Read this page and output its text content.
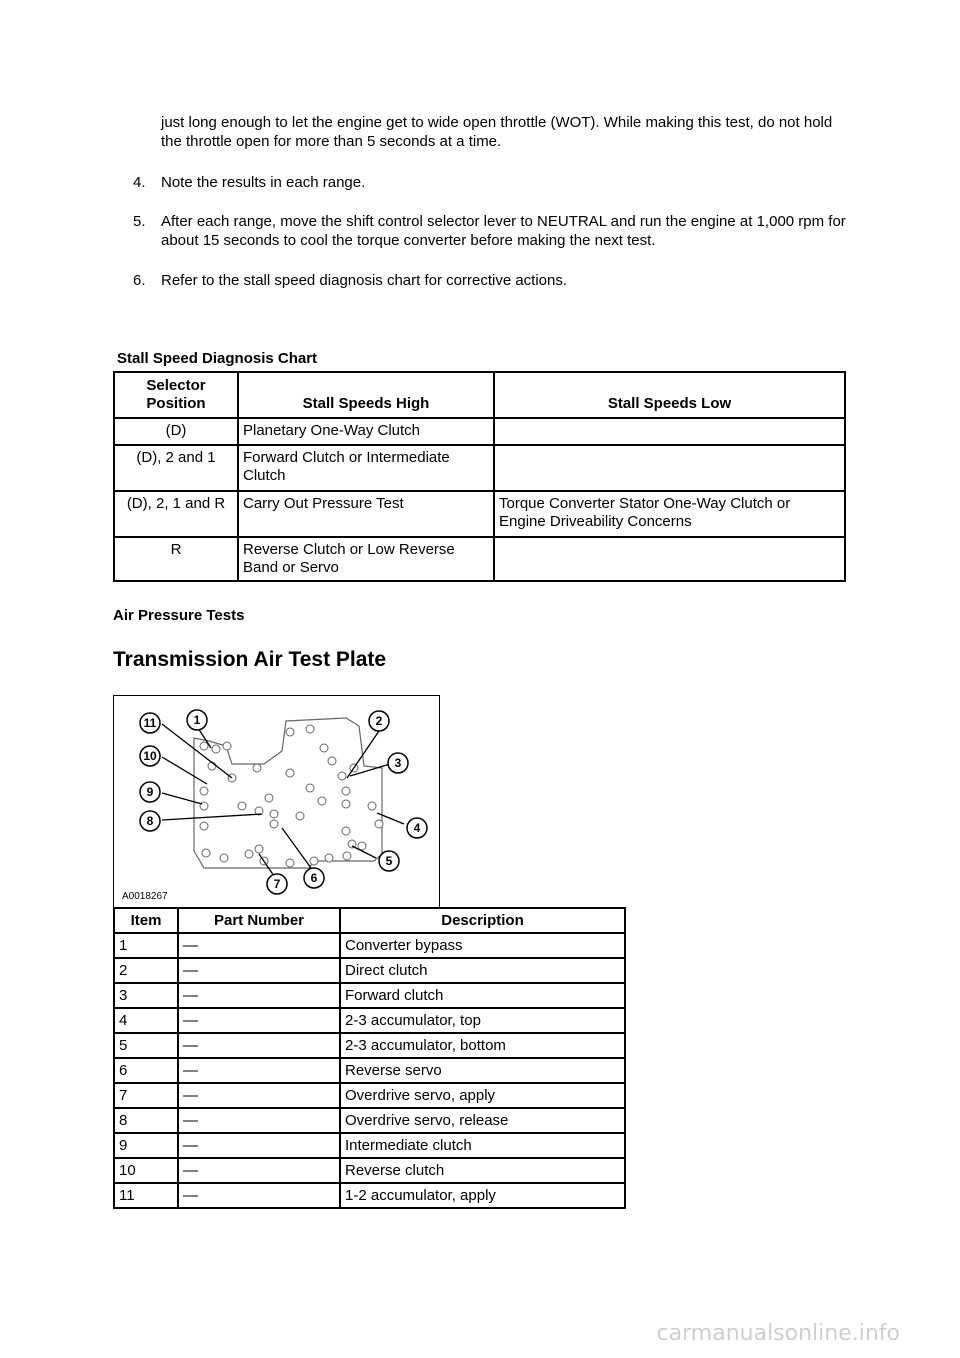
just long enough to let the engine get to wide open throttle (WOT). While making this test, do not hold the throttle open for more than 5 seconds at a time.
4. Note the results in each range.
5. After each range, move the shift control selector lever to NEUTRAL and run the engine at 1,000 rpm for about 15 seconds to cool the torque converter before making the next test.
6. Refer to the stall speed diagnosis chart for corrective actions.
Stall Speed Diagnosis Chart
Selector Position	Stall Speeds High	Stall Speeds Low
(D)	Planetary One-Way Clutch	
(D), 2 and 1	Forward Clutch or Intermediate Clutch	
(D), 2, 1 and R	Carry Out Pressure Test	Torque Converter Stator One-Way Clutch or Engine Driveability Concerns
R	Reverse Clutch or Low Reverse Band or Servo	
Air Pressure Tests
Transmission Air Test Plate
1	2
3
4
5
6
7
8
9
10
11
A0018267
Item	Part Number	Description
1	—	Converter bypass
2	—	Direct clutch
3	—	Forward clutch
4	—	2-3 accumulator, top
5	—	2-3 accumulator, bottom
6	—	Reverse servo
7	—	Overdrive servo, apply
8	—	Overdrive servo, release
9	—	Intermediate clutch
10	—	Reverse clutch
11	—	1-2 accumulator, apply
carmanualsonline.info
